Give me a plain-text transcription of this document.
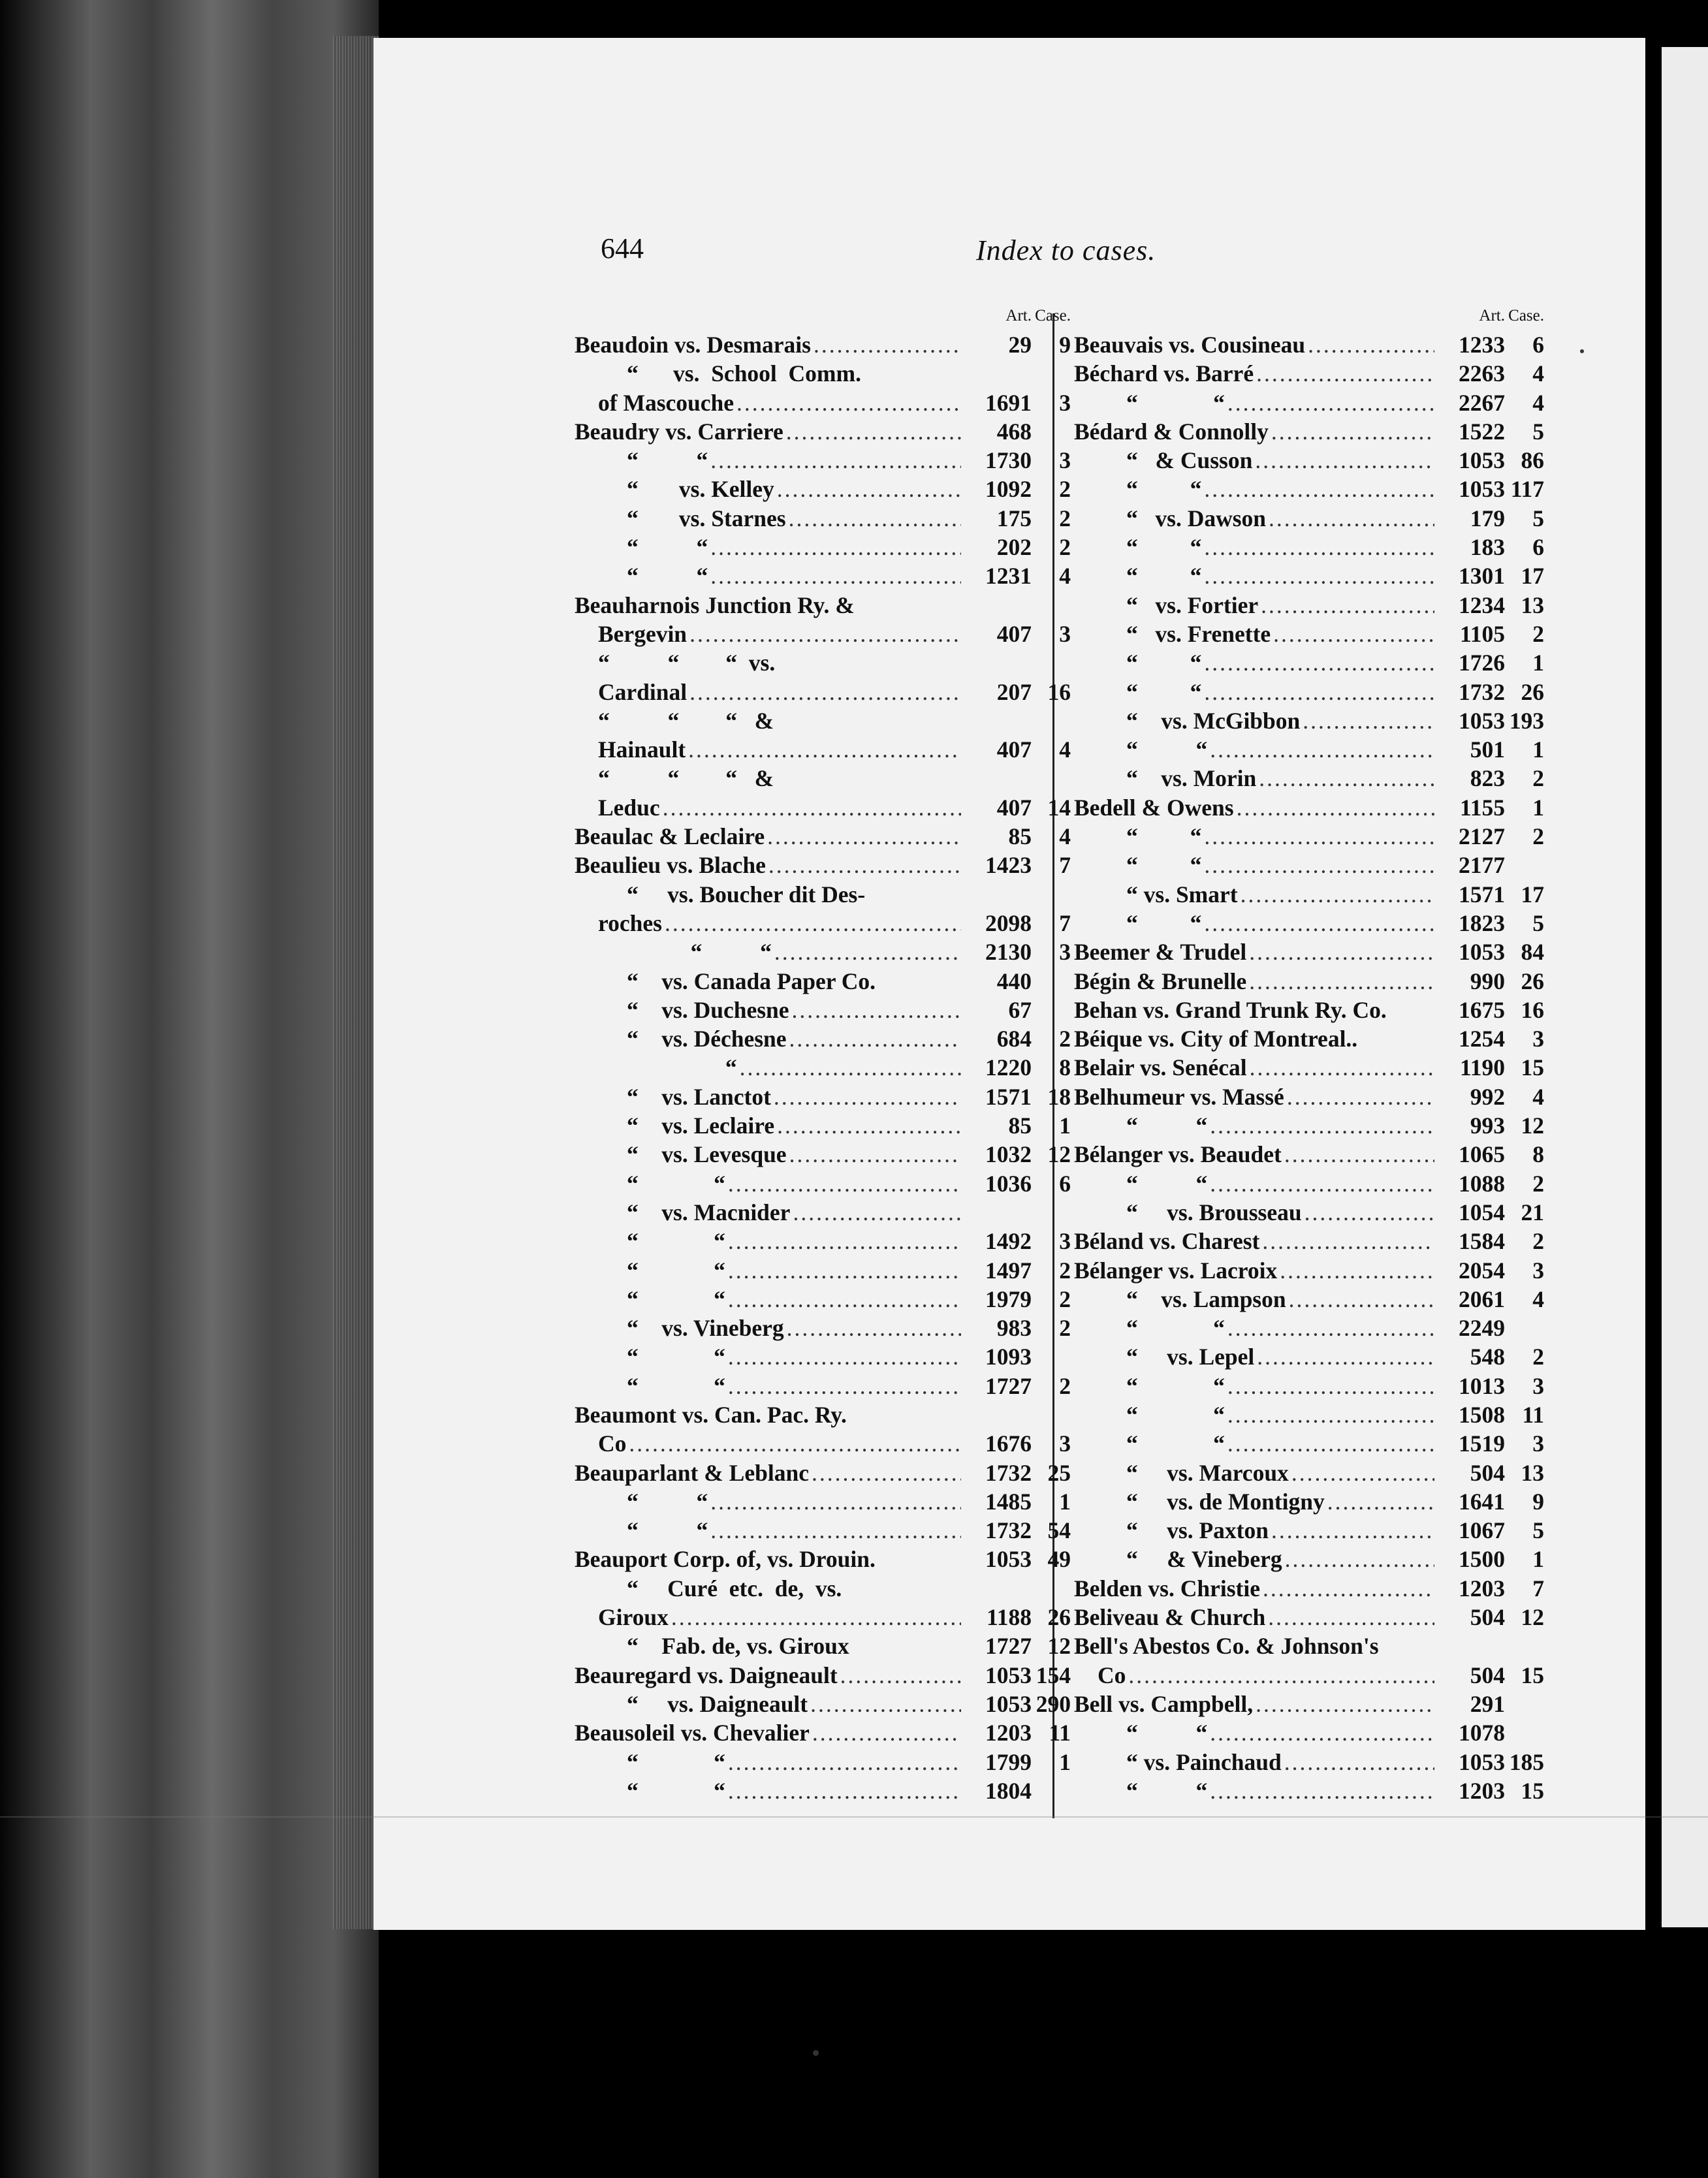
644	Index to cases.
Art. Case.
Beaudoin vs. Desmarais .....	29	9
“      vs.  School  Comm.
of Mascouche .....	1691	3
Beaudry vs. Carriere .....	468
“          “ .....	1730	3
“       vs. Kelley .....	1092	2
“       vs. Starnes .....	175	2
“          “ .....	202	2
“          “ .....	1231	4
Beauharnois Junction Ry. &
Bergevin .....	407	3
“          “        “  vs.
Cardinal .....	207 16
“          “        “   &
Hainault .....	407	4
“          “        “   &
Leduc .....	407 14
Beaulac & Leclaire .....	85	4
Beaulieu vs. Blache .....	1423	7
“     vs. Boucher dit Des-
roches .....	2098	7
“          “ .....	2130	3
“    vs. Canada Paper Co.	440
“    vs. Duchesne .....	67
“    vs. Déchesne .....	684	2
“ .....	1220	8
“    vs. Lanctot .....	1571 18
“    vs. Leclaire .....	85	1
“    vs. Levesque .....	1032 12
“             “ .....	1036	6
“    vs. Macnider
.....
“             “ .....	1492	3
“             “ .....	1497	2
“             “ .....	1979	2
“    vs. Vineberg .....	983	2
“             “ .....	1093
“             “ .....	1727	2
Beaumont vs. Can. Pac. Ry.
Co .....	1676	3
Beauparlant & Leblanc .....	1732 25
“          “ .....	1485	1
“          “ .....	1732 54
Beauport Corp. of, vs. Drouin.	1053 49
“     Curé  etc.  de,  vs.
Giroux .....	1188 26
“    Fab. de, vs. Giroux	1727 12
Beauregard vs. Daigneault .....	1053 154
“     vs. Daigneault .....	1053 290
Beausoleil vs. Chevalier .....	1203 11
“             “ .....	1799	1
“             “ .....	1804
Art. Case.
Beauvais vs. Cousineau .....	1233	6
Béchard vs. Barré .....	2263	4
“             “ .....	2267	4
Bédard & Connolly .....	1522	5
“   & Cusson .....	1053 86
“         “ .....	1053 117
“   vs. Dawson .....	179	5
“         “ .....	183	6
“         “ .....	1301 17
“   vs. Fortier .....	1234 13
“   vs. Frenette .....	1105	2
“         “ .....	1726	1
“         “ .....	1732 26
“    vs. McGibbon .....	1053 193
“          “ .....	501	1
“    vs. Morin .....	823	2
Bedell & Owens .....	1155	1
“         “ .....	2127	2
“         “ .....	2177
“ vs. Smart .....	1571 17
“         “ .....	1823	5
Beemer & Trudel .....	1053 84
Bégin & Brunelle .....	990 26
Behan vs. Grand Trunk Ry. Co.	1675 16
Béique vs. City of Montreal..	1254	3
Belair vs. Senécal .....	1190 15
Belhumeur vs. Massé .....	992	4
“          “ .....	993 12
Bélanger vs. Beaudet .....	1065	8
“          “ .....	1088	2
“     vs. Brousseau .....	1054 21
Béland vs. Charest .....	1584	2
Bélanger vs. Lacroix .....	2054	3
“    vs. Lampson .....	2061	4
“             “ .....	2249
“     vs. Lepel .....	548	2
“             “ .....	1013	3
“             “ .....	1508 11
“             “ .....	1519	3
“     vs. Marcoux .....	504 13
“     vs. de Montigny .....	1641	9
“     vs. Paxton .....	1067	5
“     & Vineberg .....	1500	1
Belden vs. Christie .....	1203	7
Beliveau & Church .....	504 12
Bell's Abestos Co. & Johnson's
Co .....	504 15
Bell vs. Campbell, .....	291
“          “ .....	1078
“ vs. Painchaud .....	1053 185
“          “ .....	1203 15
